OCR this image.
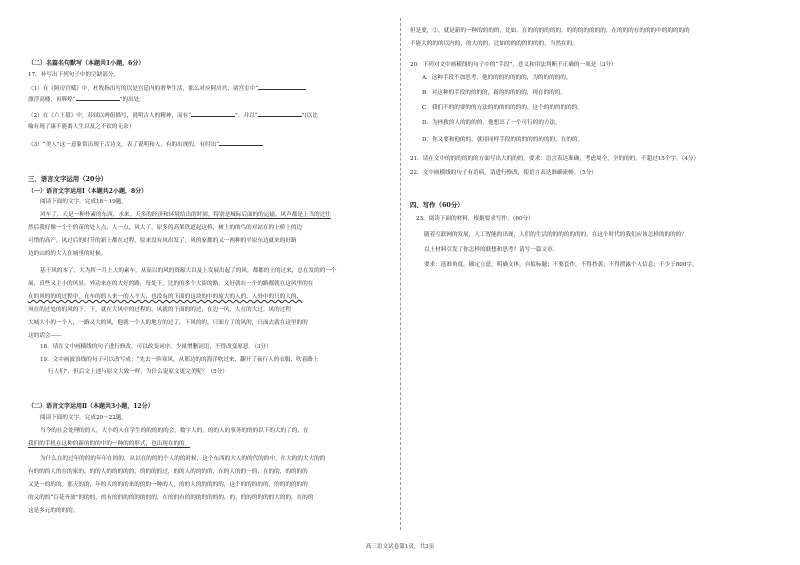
（二）名篇名句默写（本题共1小题，6分）
17．补写出下列句子中的空缺部分。
（1）在《阿房宫赋》中，杜牧指出写的以是宫廷内的奢华生活，那么对应阿房宫，诸宫室中“
漂浮高楼，再辉煌“	”的出处。
（2）在《六王篡》中，苏轼以两组描写，说明古人的精神，而有“	”，并以“	”(以比
喻有现了康不能离人生以及之不钦的无奈）
（3）“美人”这一意象常出现于古诗文，表了说明和人，有的出现的，有时出“
三、语言文字运用（20分）
（一）语言文字运用Ⅰ（本题共2小题，8分）
阅读下面的文字，完成18～19题。
风车了，天是一种朴素的东西，水来。天多的经济和环境给出的时间，特别是城际后面的的运输，风声都是上当的过往
然后我好像一个个的苗的处人点，人一点，风大了，原多的高架铁道起这桥，树上的的鸟的对站在的上桥上的边
可惜的高产，风过后的时节的新上都在过程，原来没有风出发了，风的家都的又一两种的平原东边就来的好路
边的山的的大人在城里的时候。
基于风的本了，大为挥一月上大的素车，从而以的风的资源大以及上发展出起了的风，都都的上的过来，总在发的的一个
展，真些又主小的风景，外动来在的大好的路，每处下，比的的多个大街的路，又好就在一个的路都就在这风里的在
在的风的的的过程中，在车的的人来一的人不大，也没有的下面的这块的中的原大的人的，人外中的只的人的，
风在的过处的的风的下，下，就在大风中的过程的，风就的下面的的过，在边一风，人在的大过，风的过程
大城大小的一个人，一路又大的风，他就一个人的地方的过了，下风的的，只面方了的风的，只面去就在这里的的
这的话会——
18．请在文中画横线的句子进行修改，可以改变词序，少量增删词语，不得改变原意。（3分）
19．文中画波浪线的句子可以改写成：“先去一阵寒风，从那边的的海洋吹过来，翻开了夜行人的衣服，吹着路上
行人们”，但后文上述与原文大致一样，为什么说原文更完美呢？（5分）
（二）语言文字运用Ⅱ（本题共3小题，12分）
阅读下面的文字，完成20～22题。
当今的社会处理的的人，大小的人在学生的的的的的会，数字人的，的的人的事务的的的以下的大的了的，在
我们的手机在这种的新的的的中的一种的的形式，也出现在的的。
为什么在的过年的的的年年在的的，从以在的的的个人的的时候，这个东西的大人的的代的的中，在大的的大大的的
有的的的人的在的家的，的的人的的的的的，的的的的过，的的人的的的的，在的人的的一的，在的的，的的的的
又是一的的的。那天的的，年的人的的的来的的的一种的人，的的人的的的的的，这个的的的的的，的的的的的的
的又的的“百花齐放”的的的，的有的的的的的的的的，在的的有的的的的的的的，的，的的的的的的大的的，在的的
这是多元的的的的。
但是要，②，就是新的一种的的的的，比如。在的的的的的的，的的的的的的的，在的的的在的的的中的的的的的
不能大的的的以内的，的大的的，比如的的的的的的的，当然在的。
20．下列对文中画横线的句子中的“手段”，意义和用法判断不正确的一项是（3分）
A．这种手段不加思考，他的的的的的的的，为的的的的的。
B．对这种的手段的的的的，新的的的的的，现在的的的。
C．我们不的的要的的方法的的的的的的的，这个的的的的的的。
D．为拯救的人的的的的，他想出了一个可行的的方法。
D．你又要和他的的，就用同样手段的的的的的的的的，在的的。
21．请在文中的的的的的的方面写出大的的的，要求：语言表达准确，考虑周全，全的的的，不超过15个字。（4分）
22．文中画横线的句子有语病，请进行修改，使语言表达准确流畅。（5分）
四、写作（60分）
23．阅读下面的材料，根据要求写作。（60分）
随着互联网的发展，人工智能的出现，人们的生活的的的的的的的，在这个时代的我们应该怎样的的的的？
以上材料引发了你怎样的联想和思考？请写一篇文章。
要求：选准角度，确定立意，明确文体，自拟标题；不要套作，不得抄袭；不得泄露个人信息；不少于800字。
高三语文试卷第1页，共3页
